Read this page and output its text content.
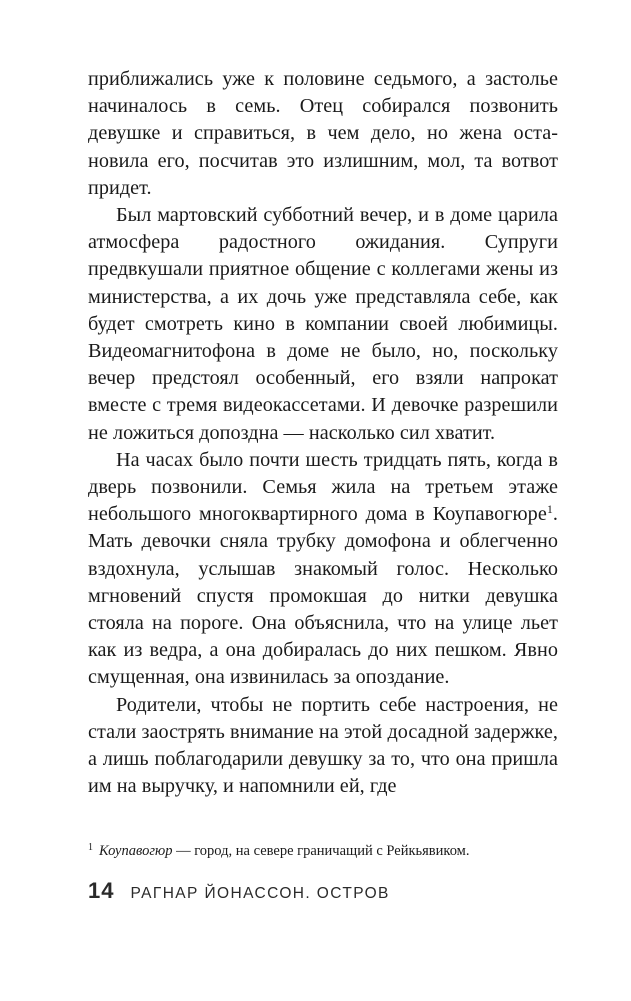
приближались уже к половине седьмого, а застолье начиналось в семь. Отец собирался позвонить девушке и справиться, в чем дело, но жена остановила его, посчитав это излишним, мол, та вотвот придет.

Был мартовский субботний вечер, и в доме царила атмосфера радостного ожидания. Супруги предвкушали приятное общение с коллегами жены из министерства, а их дочь уже представляла себе, как будет смотреть кино в компании своей любимицы. Видеомагнитофона в доме не было, но, поскольку вечер предстоял особенный, его взяли напрокат вместе с тремя видеокассетами. И девочке разрешили не ложиться допоздна — насколько сил хватит.

На часах было почти шесть тридцать пять, когда в дверь позвонили. Семья жила на третьем этаже небольшого многоквартирного дома в Коупавогюре$^1$. Мать девочки сняла трубку домофона и облегченно вздохнула, услышав знакомый голос. Несколько мгновений спустя промокшая до нитки девушка стояла на пороге. Она объяснила, что на улице льет как из ведра, а она добиралась до них пешком. Явно смущенная, она извинилась за опоздание.

Родители, чтобы не портить себе настроения, не стали заострять внимание на этой досадной задержке, а лишь поблагодарили девушку за то, что она пришла им на выручку, и напомнили ей, где

$^1$ Коупавогюр — город, на севере граничащий с Рейкьявиком.
14 РАГНАР ЙОНАССОН. ОСТРОВ
